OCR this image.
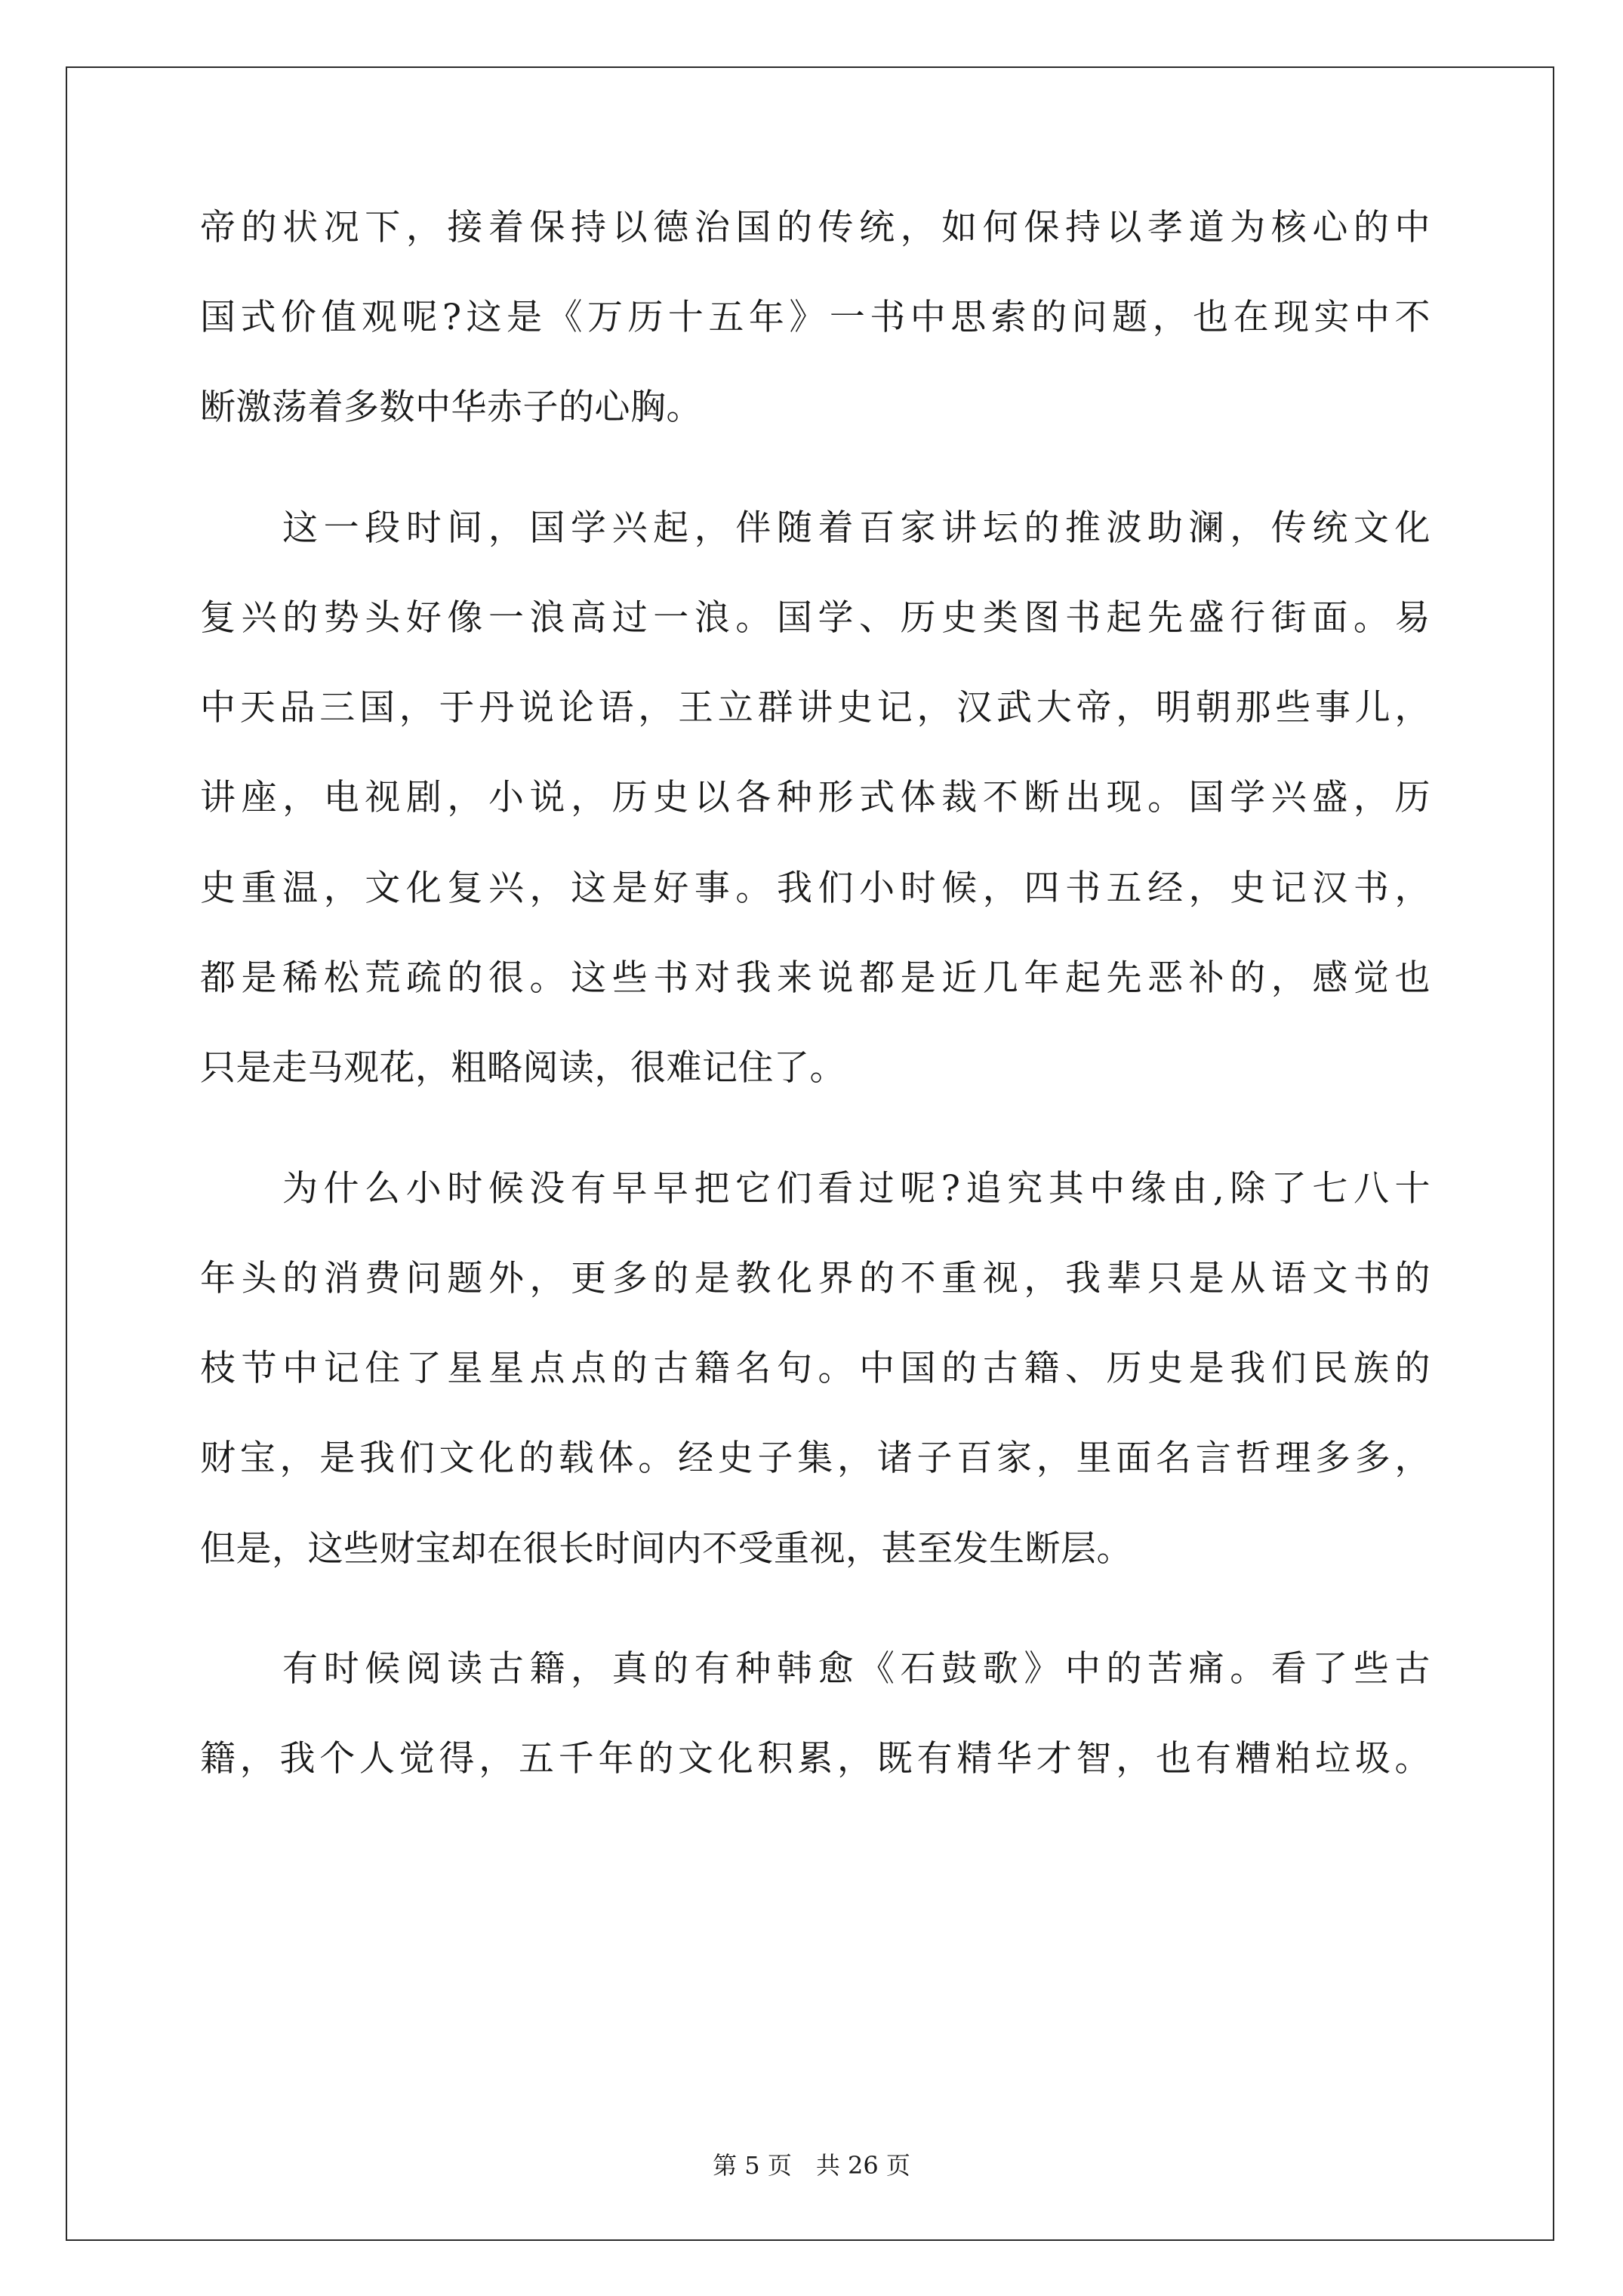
帝的状况下，接着保持以德治国的传统，如何保持以孝道为核心的中
国式价值观呢?这是《万历十五年》一书中思索的问题，也在现实中不
断激荡着多数中华赤子的心胸。
这一段时间，国学兴起，伴随着百家讲坛的推波助澜，传统文化
复兴的势头好像一浪高过一浪。国学、历史类图书起先盛行街面。易
中天品三国，于丹说论语，王立群讲史记，汉武大帝，明朝那些事儿，
讲座，电视剧，小说，历史以各种形式体裁不断出现。国学兴盛，历
史重温，文化复兴，这是好事。我们小时候，四书五经，史记汉书，
都是稀松荒疏的很。这些书对我来说都是近几年起先恶补的，感觉也
只是走马观花，粗略阅读，很难记住了。
为什么小时候没有早早把它们看过呢?追究其中缘由,除了七八十
年头的消费问题外，更多的是教化界的不重视，我辈只是从语文书的
枝节中记住了星星点点的古籍名句。中国的古籍、历史是我们民族的
财宝，是我们文化的载体。经史子集，诸子百家，里面名言哲理多多，
但是，这些财宝却在很长时间内不受重视，甚至发生断层。
有时候阅读古籍，真的有种韩愈《石鼓歌》中的苦痛。看了些古
籍，我个人觉得，五千年的文化积累，既有精华才智，也有糟粕垃圾。
第 5 页　共 26 页
